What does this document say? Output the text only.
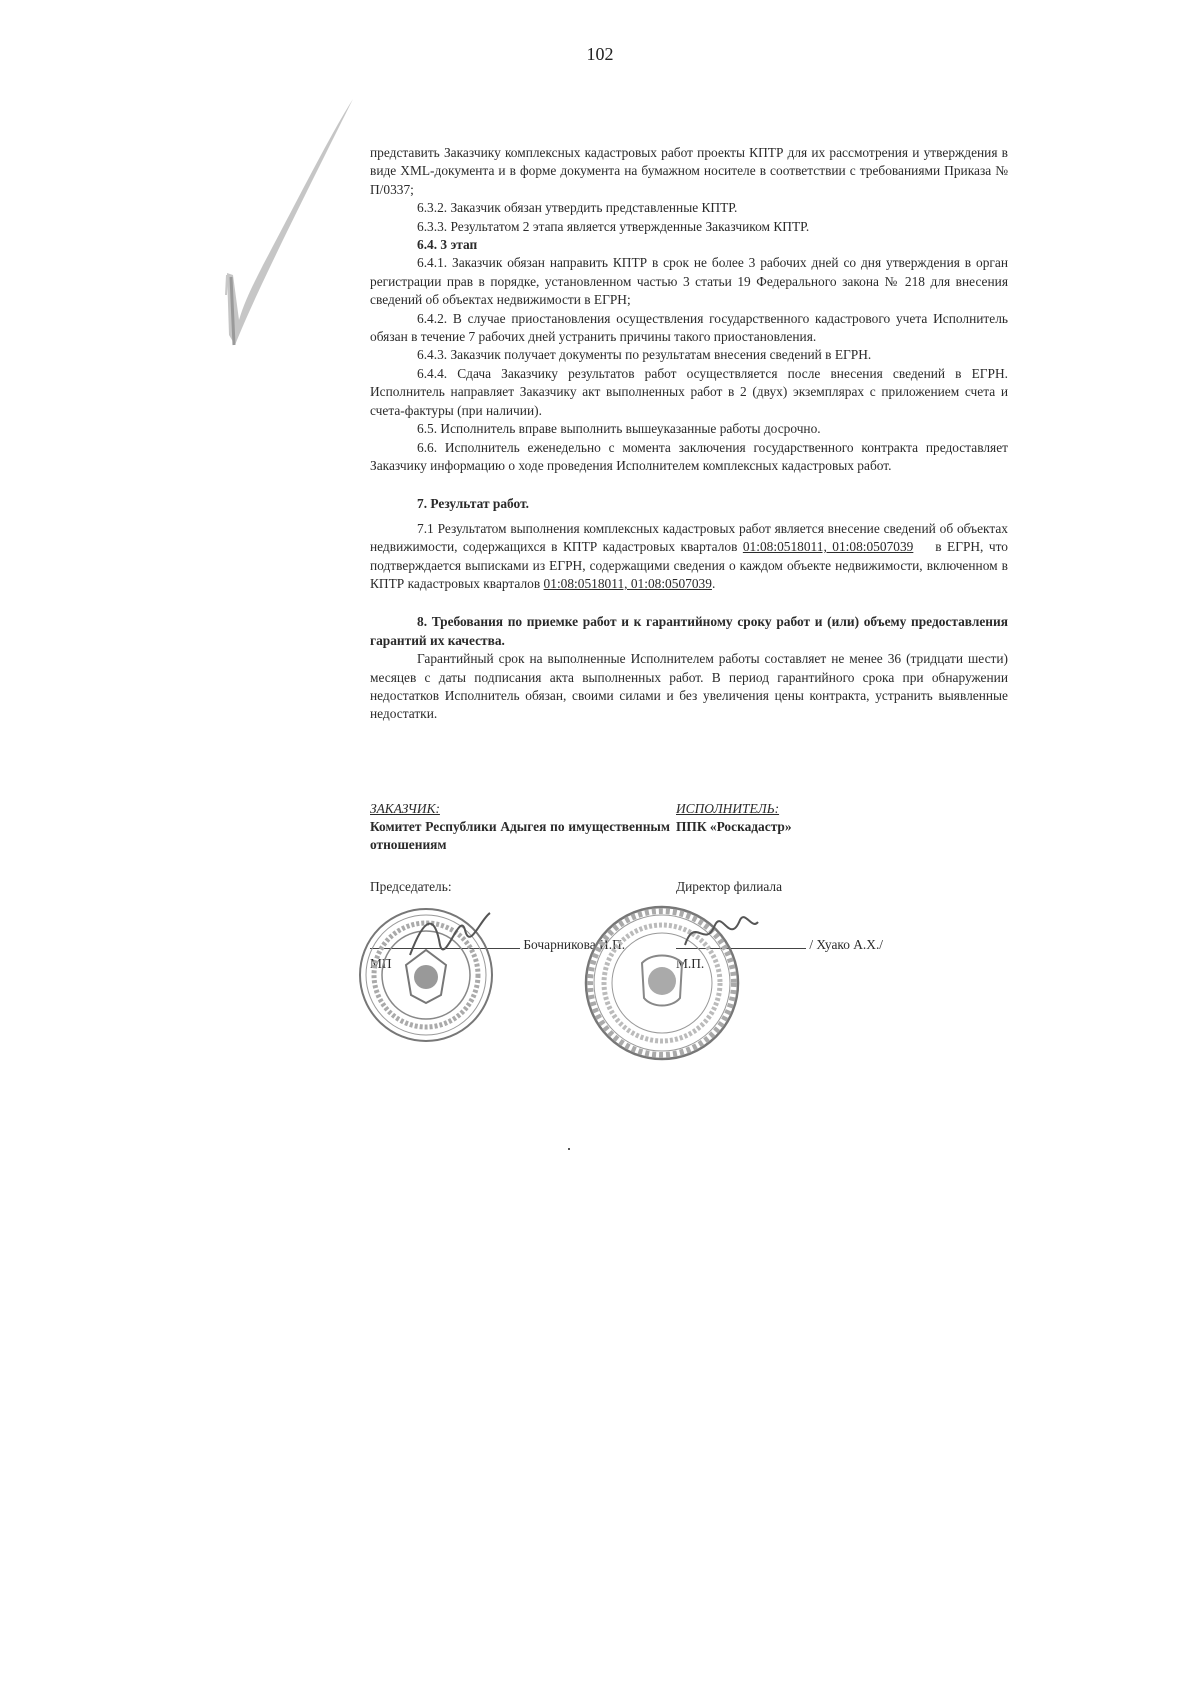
102

представить Заказчику комплексных кадастровых работ проекты КПТР для их рассмотрения и утверждения в виде XML-документа и в форме документа на бумажном носителе в соответствии с требованиями Приказа № П/0337;

6.3.2. Заказчик обязан утвердить представленные КПТР.

6.3.3. Результатом 2 этапа является утвержденные Заказчиком КПТР.

6.4. 3 этап

6.4.1. Заказчик обязан направить КПТР в срок не более 3 рабочих дней со дня утверждения в орган регистрации прав в порядке, установленном частью 3 статьи 19 Федерального закона № 218 для внесения сведений об объектах недвижимости в ЕГРН;

6.4.2. В случае приостановления осуществления государственного кадастрового учета Исполнитель обязан в течение 7 рабочих дней устранить причины такого приостановления.

6.4.3. Заказчик получает документы по результатам внесения сведений в ЕГРН.

6.4.4. Сдача Заказчику результатов работ осуществляется после внесения сведений в ЕГРН. Исполнитель направляет Заказчику акт выполненных работ в 2 (двух) экземплярах с приложением счета и счета-фактуры (при наличии).

6.5. Исполнитель вправе выполнить вышеуказанные работы досрочно.

6.6. Исполнитель еженедельно с момента заключения государственного контракта предоставляет Заказчику информацию о ходе проведения Исполнителем комплексных кадастровых работ.

7. Результат работ.

7.1 Результатом выполнения комплексных кадастровых работ является внесение сведений об объектах недвижимости, содержащихся в КПТР кадастровых кварталов 01:08:0518011, 01:08:0507039 в ЕГРН, что подтверждается выписками из ЕГРН, содержащими сведения о каждом объекте недвижимости, включенном в КПТР кадастровых кварталов 01:08:0518011, 01:08:0507039.

8. Требования по приемке работ и к гарантийному сроку работ и (или) объему предоставления гарантий их качества.

Гарантийный срок на выполненные Исполнителем работы составляет не менее 36 (тридцати шести) месяцев с даты подписания акта выполненных работ. В период гарантийного срока при обнаружении недостатков Исполнитель обязан, своими силами и без увеличения цены контракта, устранить выявленные недостатки.

ЗАКАЗЧИК:

Комитет Республики Адыгея по имущественным отношениям

Председатель:

Бочарникова И.П.
МП

ИСПОЛНИТЕЛЬ:

ППК «Роскадастр»

Директор филиала

/ Хуако А.Х./
М.П.
